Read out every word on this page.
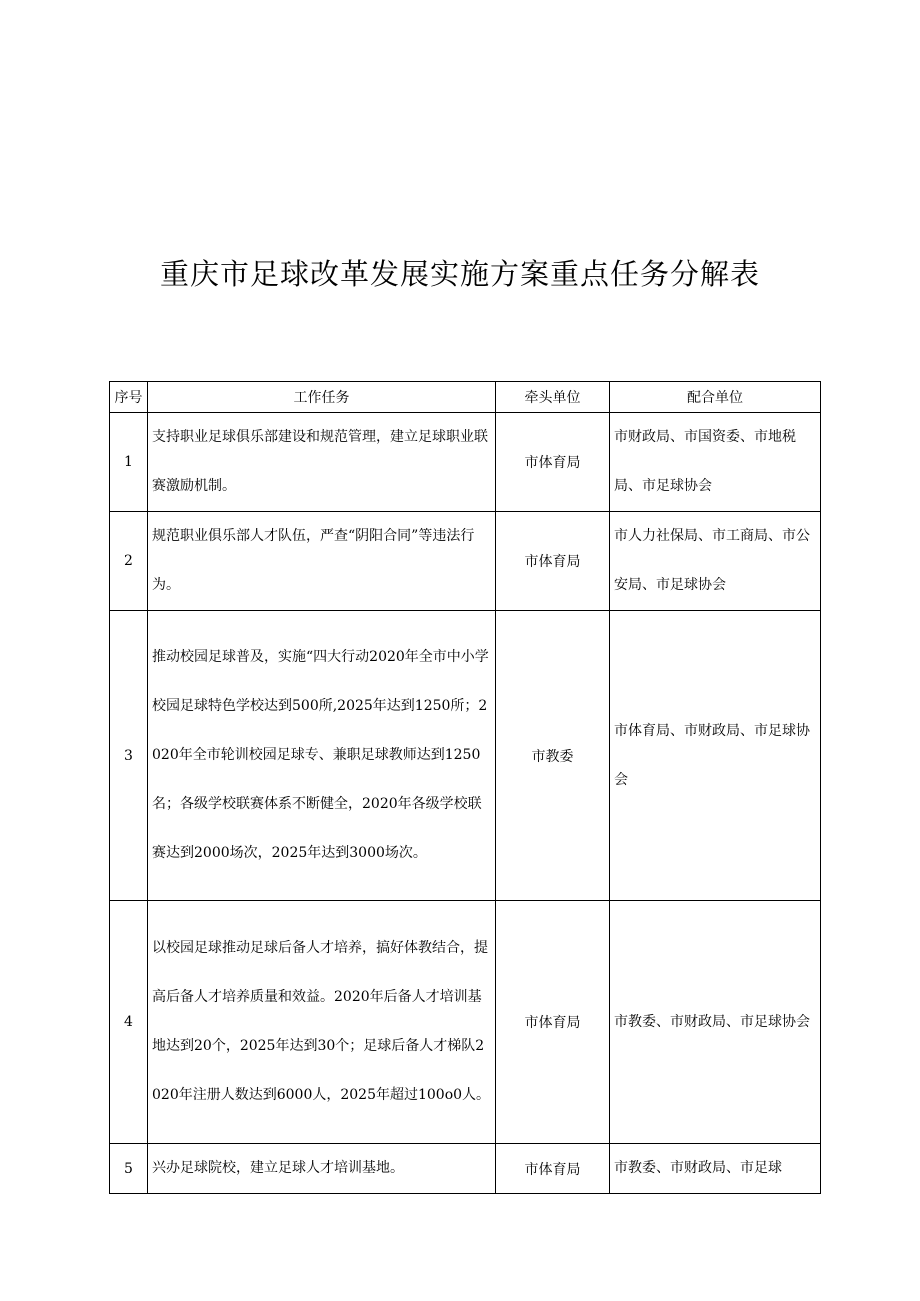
重庆市足球改革发展实施方案重点任务分解表
序号	工作任务	牵头单位	配合单位
1	支持职业足球俱乐部建设和规范管理，建立足球职业联赛激励机制。	市体育局	市财政局、市国资委、市地税局、市足球协会
2	规范职业俱乐部人才队伍，严查“阴阳合同”等违法行为。	市体育局	市人力社保局、市工商局、市公安局、市足球协会
3	推动校园足球普及，实施“四大行动2020年全市中小学校园足球特色学校达到500所,2025年达到1250所；2020年全市轮训校园足球专、兼职足球教师达到1250名；各级学校联赛体系不断健全，2020年各级学校联赛达到2000场次，2025年达到3000场次。	市教委	市体育局、市财政局、市足球协会
4	以校园足球推动足球后备人才培养，搞好体教结合，提高后备人才培养质量和效益。2020年后备人才培训基地达到20个，2025年达到30个；足球后备人才梯队2020年注册人数达到6000人，2025年超过100o0人。	市体育局	市教委、市财政局、市足球协会
5	兴办足球院校，建立足球人才培训基地。	市体育局	市教委、市财政局、市足球
